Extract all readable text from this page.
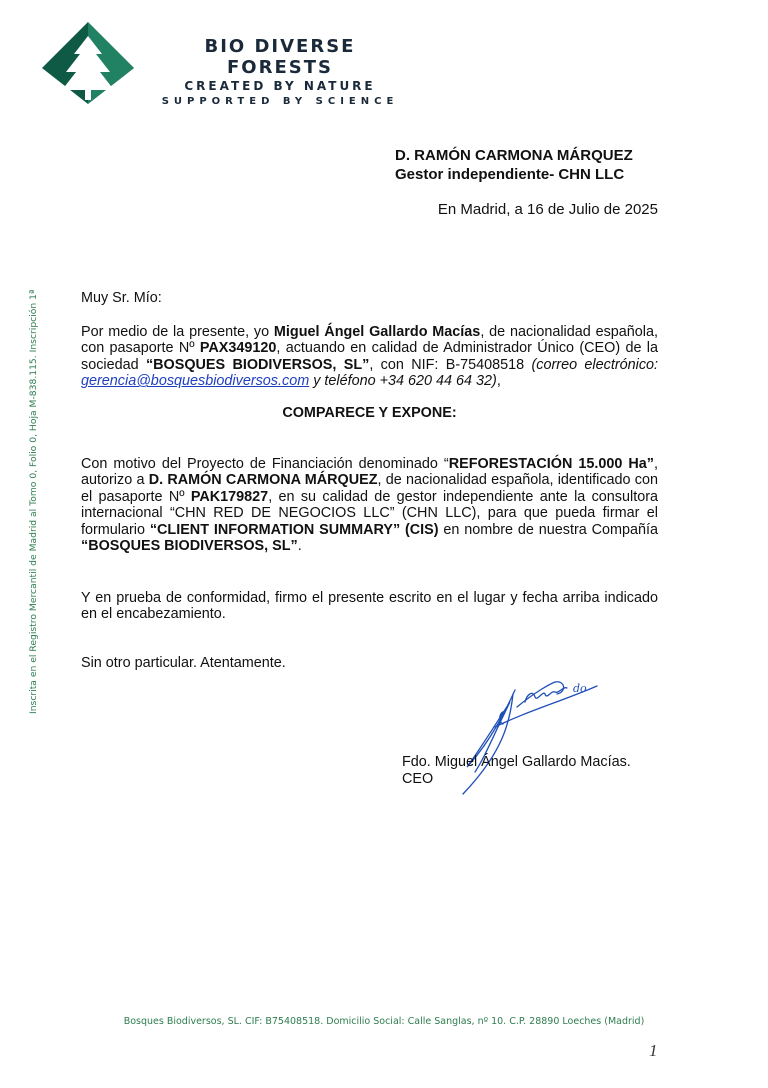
BIO DIVERSE FORESTS
CREATED BY NATURE
SUPPORTED BY SCIENCE
D. RAMÓN CARMONA MÁRQUEZ
Gestor independiente- CHN LLC
En Madrid, a 16 de Julio de 2025
Inscrita en el Registro Mercantil de Madrid al Tomo 0, Folio 0, Hoja M-838.115. Inscripción 1ª	Muy Sr. Mío:
Por medio de la presente, yo Miguel Ángel Gallardo Macías, de nacionalidad española, con pasaporte Nº PAX349120, actuando en calidad de Administrador Único (CEO) de la sociedad “BOSQUES BIODIVERSOS, SL”, con NIF: B-75408518 (correo electrónico: gerencia@bosquesbiodiversos.com y teléfono +34 620 44 64 32),
COMPARECE Y EXPONE:
Con motivo del Proyecto de Financiación denominado “REFORESTACIÓN 15.000 Ha”, autorizo a D. RAMÓN CARMONA MÁRQUEZ, de nacionalidad española, identificado con el pasaporte Nº PAK179827, en su calidad de gestor independiente ante la consultora internacional “CHN RED DE NEGOCIOS LLC” (CHN LLC), para que pueda firmar el formulario “CLIENT INFORMATION SUMMARY” (CIS) en nombre de nuestra Compañía “BOSQUES BIODIVERSOS, SL”.
Y en prueba de conformidad, firmo el presente escrito en el lugar y fecha arriba indicado en el encabezamiento.
Sin otro particular. Atentamente.
do
Fdo. Miguel Ángel Gallardo Macías.
CEO
Bosques Biodiversos, SL. CIF: B75408518. Domicilio Social: Calle Sanglas, nº 10. C.P. 28890 Loeches (Madrid)
1
